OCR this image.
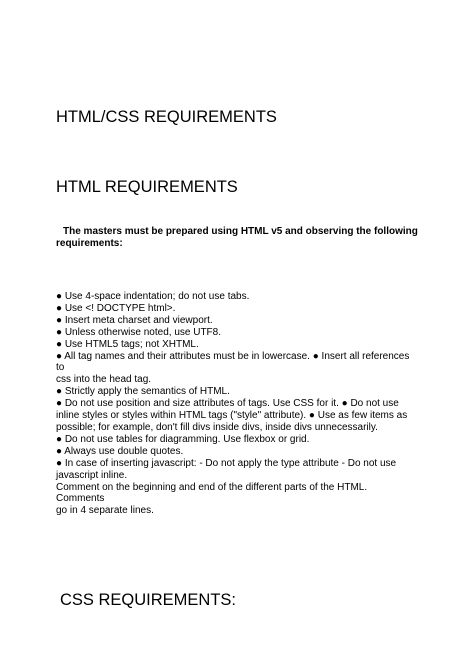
HTML/CSS REQUIREMENTS
HTML REQUIREMENTS

The masters must be prepared using HTML v5 and observing the following
requirements:

● Use 4-space indentation; do not use tabs.
● Use <! DOCTYPE html>.
● Insert meta charset and viewport.
● Unless otherwise noted, use UTF8.
● Use HTML5 tags; not XHTML.
● All tag names and their attributes must be in lowercase. ● Insert all references to
css into the head tag.
● Strictly apply the semantics of HTML.
● Do not use position and size attributes of tags. Use CSS for it. ● Do not use
inline styles or styles within HTML tags ("style" attribute). ● Use as few items as
possible; for example, don't fill divs inside divs, inside divs unnecessarily.
● Do not use tables for diagramming. Use flexbox or grid.
● Always use double quotes.
● In case of inserting javascript: - Do not apply the type attribute - Do not use
javascript inline.
Comment on the beginning and end of the different parts of the HTML. Comments
go in 4 separate lines.
CSS REQUIREMENTS:
